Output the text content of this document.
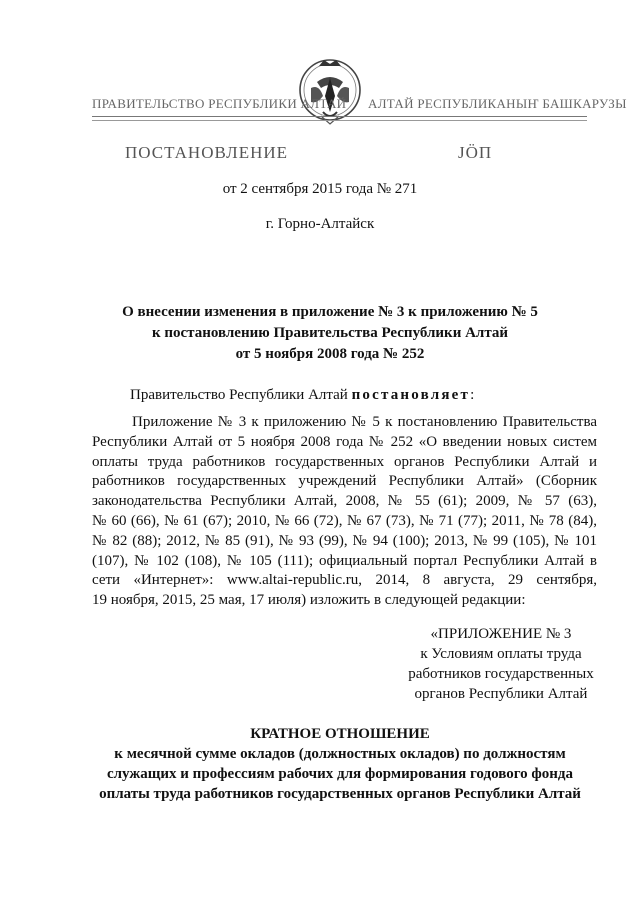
ПРАВИТЕЛЬСТВО РЕСПУБЛИКИ АЛТАЙ АЛТАЙ РЕСПУБЛИКАНЫҤ БАШКАРУЗЫ
ПОСТАНОВЛЕНИЕ	ЈӦП
от 2 сентября 2015 года № 271
г. Горно-Алтайск
О внесении изменения в приложение № 3 к приложению № 5
к постановлению Правительства Республики Алтай
от 5 ноября 2008 года № 252
Правительство Республики Алтай постановляет:
Приложение № 3 к приложению № 5 к постановлению Правительства
Республики Алтай от 5 ноября 2008 года № 252 «О введении новых систем
оплаты труда работников государственных органов Республики Алтай и
работников государственных учреждений Республики Алтай» (Сборник
законодательства Республики Алтай, 2008, № 55 (61); 2009, № 57 (63),
№ 60 (66), № 61 (67); 2010, № 66 (72), № 67 (73), № 71 (77); 2011, № 78 (84),
№ 82 (88); 2012, № 85 (91), № 93 (99), № 94 (100); 2013, № 99 (105), № 101
(107), № 102 (108), № 105 (111); официальный портал Республики Алтай в
сети «Интернет»: www.altai-republic.ru, 2014, 8 августа, 29 сентября,
19 ноября, 2015, 25 мая, 17 июля) изложить в следующей редакции:
«ПРИЛОЖЕНИЕ № 3
к Условиям оплаты труда
работников государственных
органов Республики Алтай
КРАТНОЕ ОТНОШЕНИЕ
к месячной сумме окладов (должностных окладов) по должностям
служащих и профессиям рабочих для формирования годового фонда
оплаты труда работников государственных органов Республики Алтай
